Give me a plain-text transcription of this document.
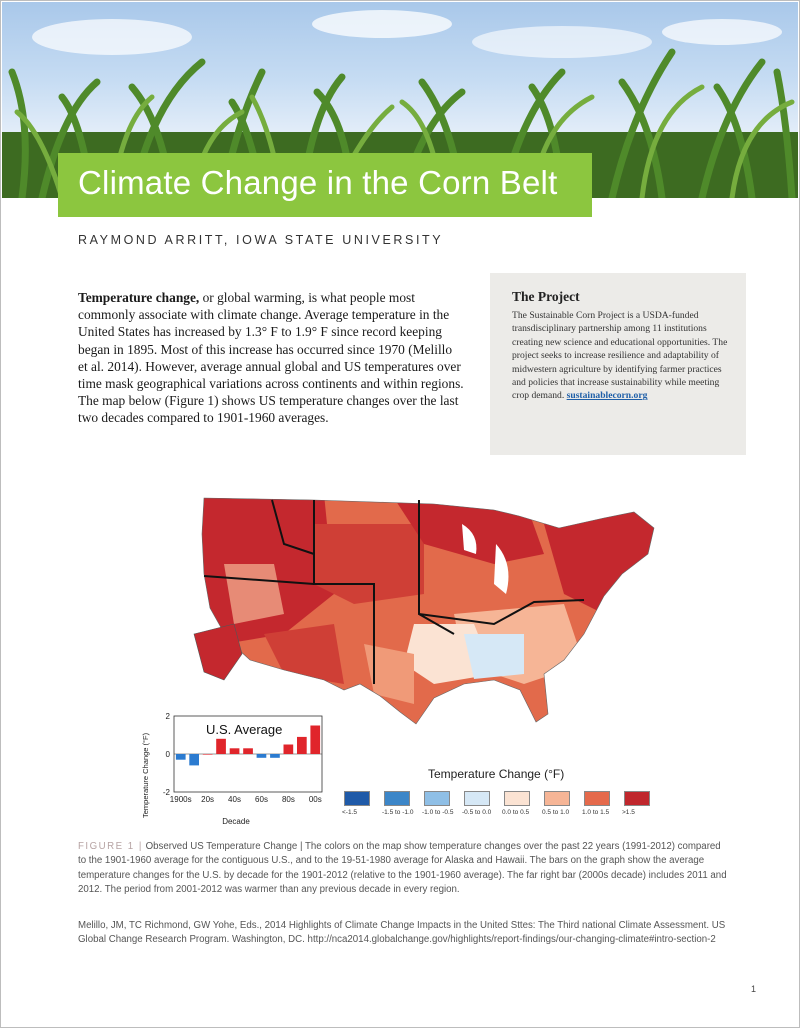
Climate Change in the Corn Belt
RAYMOND ARRITT, IOWA STATE UNIVERSITY
Temperature change, or global warming, is what people most commonly associate with climate change. Average temperature in the United States has increased by 1.3° F to 1.9° F since record keeping began in 1895. Most of this increase has occurred since 1970 (Melillo et al. 2014). However, average annual global and US temperatures over time mask geographical variations across continents and within regions. The map below (Figure 1) shows US temperature changes over the last two decades compared to 1901-1960 averages.
The Project

The Sustainable Corn Project is a USDA-funded transdisciplinary partnership among 11 institutions creating new science and educational opportunities. The project seeks to increase resilience and adaptability of midwestern agriculture by identifying farmer practices and policies that increase sustainability while meeting crop demand. sustainablecorn.org

U.S. Average
Temperature Change (°F)
Decade
2
0
-2
1900s 20s 40s 60s 80s 00s
Temperature Change (°F)
<-1.5	-1.5 to -1.0 -1.0 to -0.5 -0.5 to 0.0 0.0 to 0.5 0.5 to 1.0 1.0 to 1.5 >1.5
FIGURE 1 | Observed US Temperature Change | The colors on the map show temperature changes over the past 22 years (1991-2012) compared to the 1901-1960 average for the contiguous U.S., and to the 19-51-1980 average for Alaska and Hawaii. The bars on the graph show the average temperature changes for the U.S. by decade for the 1901-2012 (relative to the 1901-1960 average). The far right bar (2000s decade) includes 2011 and 2012. The period from 2001-2012 was warmer than any previous decade in every region.
Melillo, JM, TC Richmond, GW Yohe, Eds., 2014 Highlights of Climate Change Impacts in the United Sttes: The Third national Climate Assessment. US Global Change Research Program. Washington, DC. http://nca2014.globalchange.gov/highlights/report-findings/our-changing-climate#intro-section-2
1
